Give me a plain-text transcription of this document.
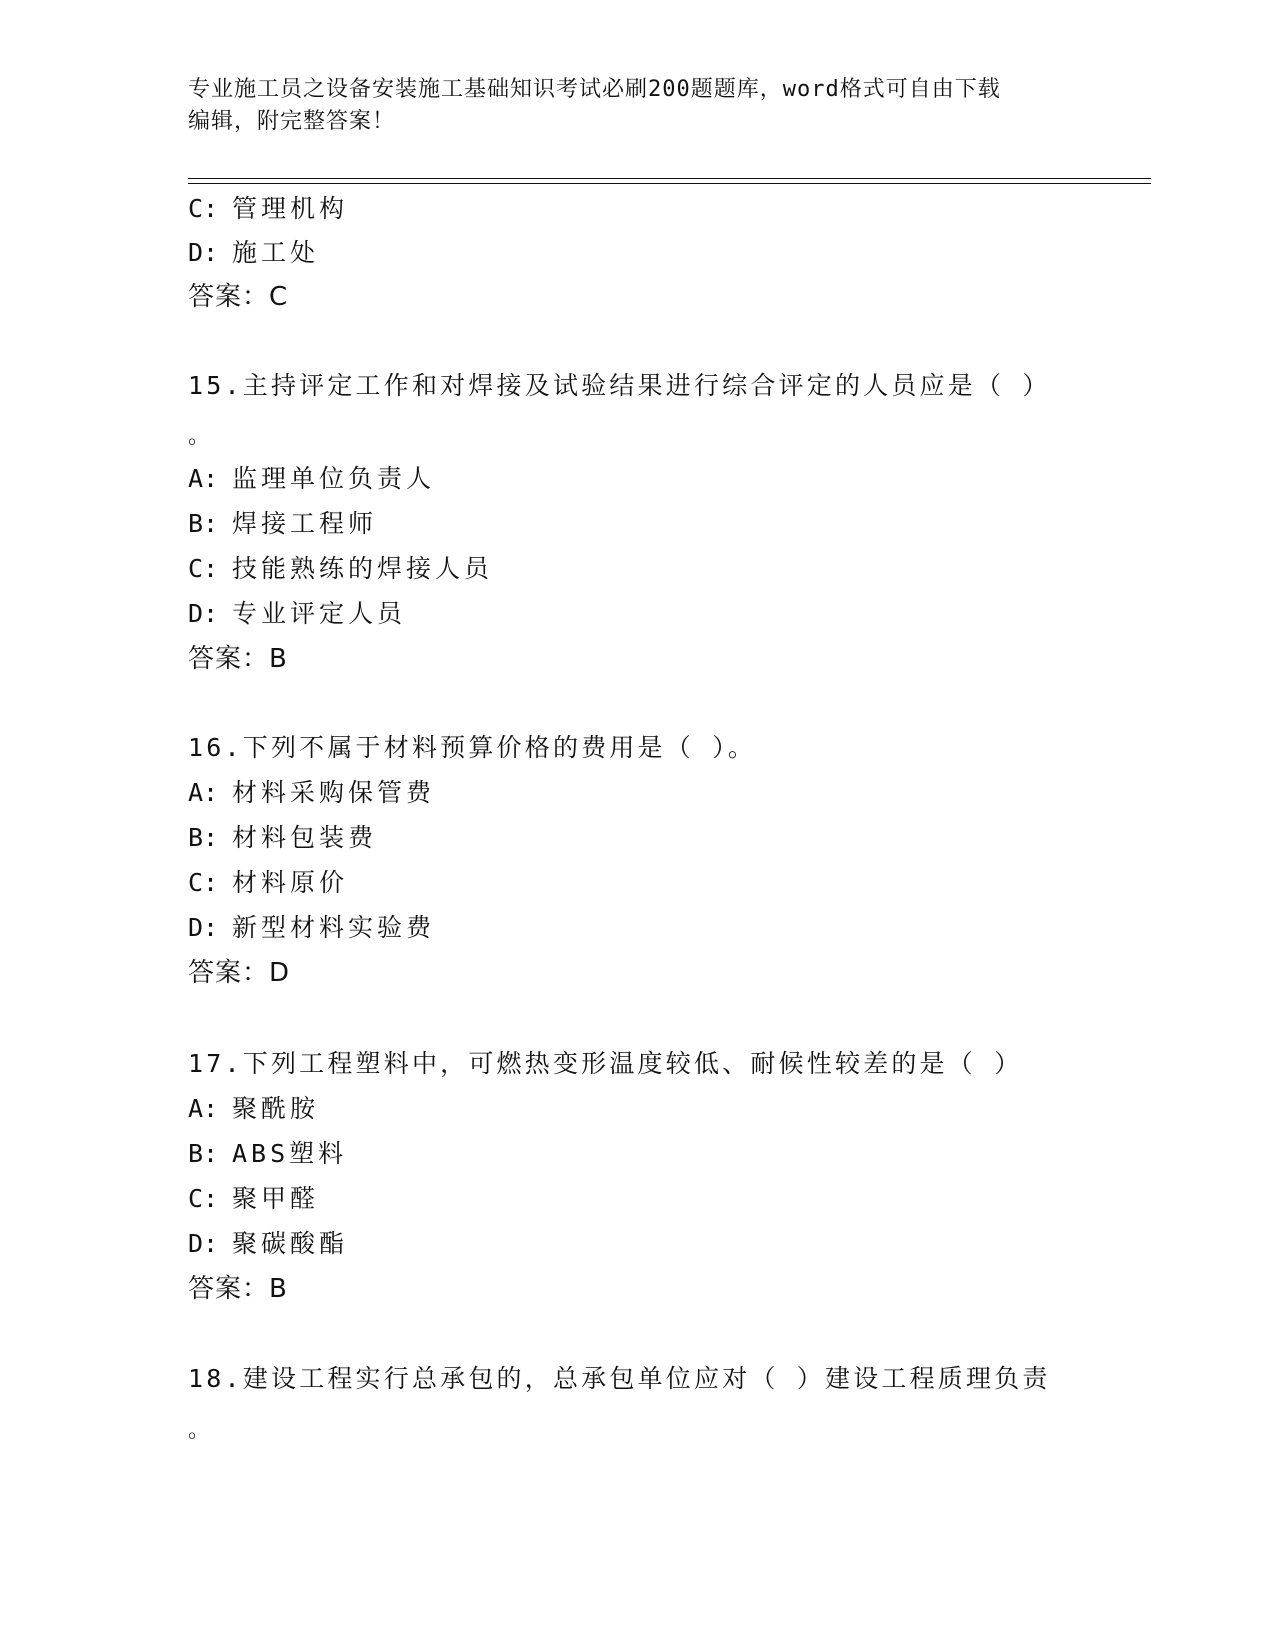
专业施工员之设备安装施工基础知识考试必刷200题题库，word格式可自由下载
编辑，附完整答案！
C: 管理机构
D: 施工处
答案：C
15.主持评定工作和对焊接及试验结果进行综合评定的人员应是（ ）
。
A: 监理单位负责人
B: 焊接工程师
C: 技能熟练的焊接人员
D: 专业评定人员
答案：B
16.下列不属于材料预算价格的费用是（ ）。
A: 材料采购保管费
B: 材料包装费
C: 材料原价
D: 新型材料实验费
答案：D
17.下列工程塑料中，可燃热变形温度较低、耐候性较差的是（ ）
A: 聚酰胺
B: ABS塑料
C: 聚甲醛
D: 聚碳酸酯
答案：B
18.建设工程实行总承包的，总承包单位应对（ ）建设工程质理负责
。
